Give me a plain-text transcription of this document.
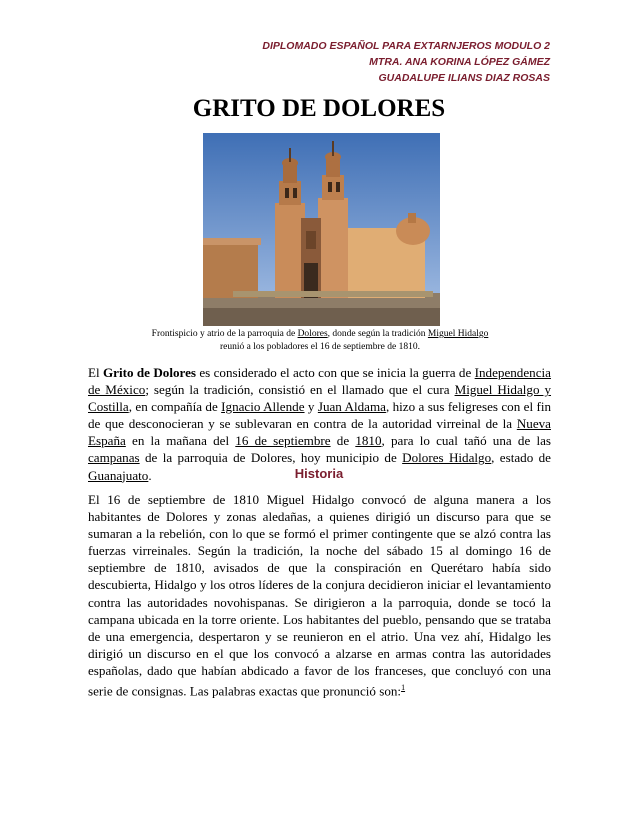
DIPLOMADO ESPAÑOL PARA EXTARNJEROS MODULO 2
MTRA. ANA KORINA LÓPEZ GÁMEZ
GUADALUPE ILIANS DIAZ ROSAS
GRITO DE DOLORES
Frontispicio y atrio de la parroquia de Dolores, donde según la tradición Miguel Hidalgo reunió a los pobladores el 16 de septiembre de 1810.
El Grito de Dolores es considerado el acto con que se inicia la guerra de Independencia de México; según la tradición, consistió en el llamado que el cura Miguel Hidalgo y Costilla, en compañía de Ignacio Allende y Juan Aldama, hizo a sus feligreses con el fin de que desconocieran y se sublevaran en contra de la autoridad virreinal de la Nueva España en la mañana del 16 de septiembre de 1810, para lo cual tañó una de las campanas de la parroquia de Dolores, hoy municipio de Dolores Hidalgo, estado de Guanajuato.	Historia
El 16 de septiembre de 1810 Miguel Hidalgo convocó de alguna manera a los habitantes de Dolores y zonas aledañas, a quienes dirigió un discurso para que se sumaran a la rebelión, con lo que se formó el primer contingente que se alzó contra las fuerzas virreinales. Según la tradición, la noche del sábado 15 al domingo 16 de septiembre de 1810, avisados de que la conspiración en Querétaro había sido descubierta, Hidalgo y los otros líderes de la conjura decidieron iniciar el levantamiento contra las autoridades novohispanas. Se dirigieron a la parroquia, donde se tocó la campana ubicada en la torre oriente. Los habitantes del pueblo, pensando que se trataba de una emergencia, despertaron y se reunieron en el atrio. Una vez ahí, Hidalgo les dirigió un discurso en el que los convocó a alzarse en armas contra las autoridades españolas, dado que habían abdicado a favor de los franceses, que concluyó con una serie de consignas. Las palabras exactas que pronunció son:$^1$
